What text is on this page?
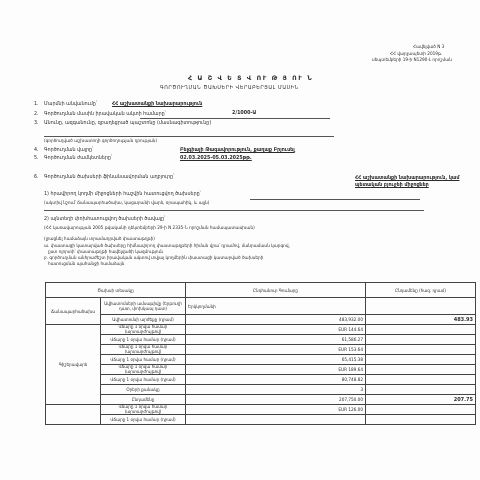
Հավելված N 3
ՀՀ վարչապետի 2019թ.
սեպտեմբերի 19-ի N1290-Լ որոշման
Հ Ա Շ Վ Ե Տ Վ ՈՒ Թ Յ ՈՒ Ն
ԳՈՐԾՈՒՂՄԱՆ ԾԱԽՍԵՐԻ ՎԵՐԱԲԵՐՅԱԼ ՄԱՍԻՆ
1. Մարմնի անվանումը՝	ՀՀ աշխատանքի նախարարություն
2. Գործուղման մասին իրավական ակտի համարը՝	2/1000-Ա
3. Անունը, ազգանունը, զբաղեցրած պաշտոնը (մասնագիտությունը)
(գործուղված աշխատողի գործողության դրության)
4. Գործուղման վայրը՝	Բելգիայի Թագավորություն, քաղաք Բրյուսել
5. Գործուղման ժամկետները՝	02.03.2025-05.03.2025թթ.
6. Գործուղման ծախսերի ֆինանսավորման աղբյուրը՝	ՀՀ աշխատանքի նախարարություն, կամ պետական բյուջեի միջոցներ
1) հրավիրող կողմի միջոցների հաշվին հատուցվող ծախսերը՝
(ակտիվ նշում՝ ճանապարհածախս, կացարանի վարձ, օրապահիկ, և այլն)
2) այնտեղի փոխհատուցվող ծախսերի ծավալը՝
(ՀՀ կառավարության 2005 թվականի դեկտեմբերի 29-ի N 2335-Ն որոշման համապատասխան)
(լրացնել համաձայն տրամադրված փաստաթղթի)
ա. փաստացի կատարված ծախսերը հիմնավորող փաստաթղթերի հիման վրա՝ դրամով, մանրամասն կարգով,
ըստ ոլորտի՝ փաստաթղթի հավելվածի կազմություն
բ. գործուղման անհրաժեշտ իրավական ակտով տվյալ կողմերին փաստացի կատարված ծախսերի
հատուցման պահանջի համաձայն
Ծախսի տեսակը		Ընդհանուր Գումարը	Ընդամենը (հազ. դրամ)
Ճանապարհածախս	Ավիատոմսերի ամսաթիվը (երթուղի դատ, փոխկապ դատ)	Երկկողմանի	
	Ավիատոմսի արժեքը (դրամ)	483,932.00	483.93
Գիշերավարձ	Վճարը 1 օրվա համար (արտարժույթով)	EUR 144.64	
	Վճարը 1 օրվա համար (դրամ)	61,586.27	
	Վճարը 1 օրվա համար (արտարժույթով)	EUR 153.64	
	Վճարը 1 օրվա համար (դրամ)	65,415.38	
	Վճարը 1 օրվա համար (արտարժույթով)	EUR 189.64	
	Վճարը 1 օրվա համար (դրամ)	80,748.82	
	Օրերի քանակը	3	
	Ընդամենը	207,750.00	207.75
	Վճարը 1 օրվա համար (արտարժույթով)	EUR 126.00	
	Վճարը 1 օրվա համար (դրամ)		
